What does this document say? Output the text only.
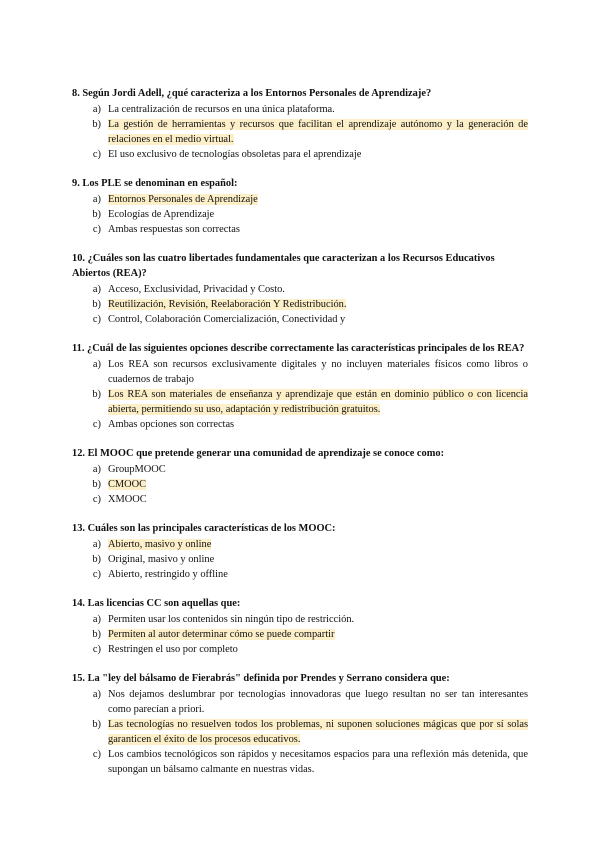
8. Según Jordi Adell, ¿qué caracteriza a los Entornos Personales de Aprendizaje?
a) La centralización de recursos en una única plataforma.
b) La gestión de herramientas y recursos que facilitan el aprendizaje autónomo y la generación de relaciones en el medio virtual.
c) El uso exclusivo de tecnologías obsoletas para el aprendizaje
9. Los PLE se denominan en español:
a) Entornos Personales de Aprendizaje
b) Ecologías de Aprendizaje
c) Ambas respuestas son correctas
10. ¿Cuáles son las cuatro libertades fundamentales que caracterizan a los Recursos Educativos Abiertos (REA)?
a) Acceso, Exclusividad, Privacidad y Costo.
b) Reutilización, Revisión, Reelaboración Y Redistribución.
c) Control, Colaboración Comercialización, Conectividad y
11. ¿Cuál de las siguientes opciones describe correctamente las características principales de los REA?
a) Los REA son recursos exclusivamente digitales y no incluyen materiales físicos como libros o cuadernos de trabajo
b) Los REA son materiales de enseñanza y aprendizaje que están en dominio público o con licencia abierta, permitiendo su uso, adaptación y redistribución gratuitos.
c) Ambas opciones son correctas
12. El MOOC que pretende generar una comunidad de aprendizaje se conoce como:
a) GroupMOOC
b) CMOOC
c) XMOOC
13. Cuáles son las principales características de los MOOC:
a) Abierto, masivo y online
b) Original, masivo y online
c) Abierto, restringido y offline
14. Las licencias CC son aquellas que:
a) Permiten usar los contenidos sin ningún tipo de restricción.
b) Permiten al autor determinar cómo se puede compartir
c) Restringen el uso por completo
15. La "ley del bálsamo de Fierabrás" definida por Prendes y Serrano considera que:
a) Nos dejamos deslumbrar por tecnologías innovadoras que luego resultan no ser tan interesantes como parecían a priori.
b) Las tecnologías no resuelven todos los problemas, ni suponen soluciones mágicas que por sí solas garanticen el éxito de los procesos educativos.
c) Los cambios tecnológicos son rápidos y necesitamos espacios para una reflexión más detenida, que supongan un bálsamo calmante en nuestras vidas.
